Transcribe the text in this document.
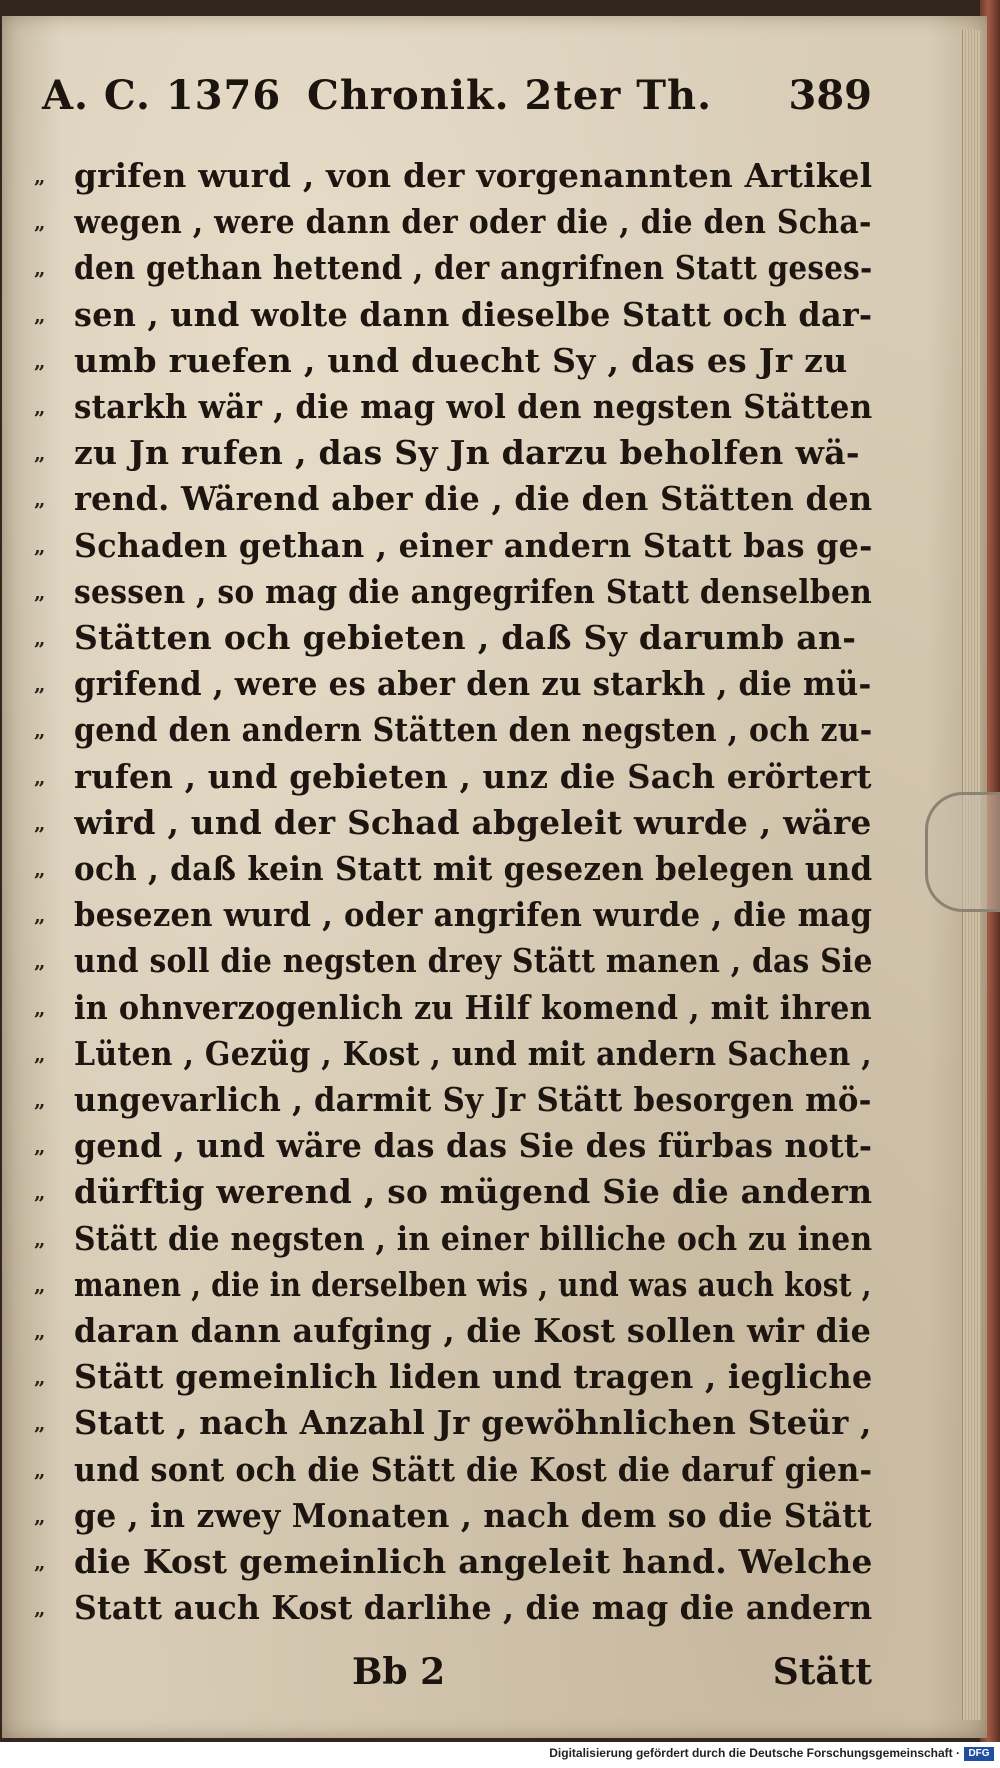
A. C. 1376 Chronik. 2ter Th. 389
„ grifen wurd , von der vorgenannten Artikel
„ wegen , were dann der oder die , die den Scha-
„ den gethan hettend , der angrifnen Statt geses-
„ sen , und wolte dann dieselbe Statt och dar-
„ umb ruefen , und duecht Sy , das es Jr zu
„ starkh wär , die mag wol den negsten Stätten
„ zu Jn rufen , das Sy Jn darzu beholfen wä-
„ rend. Wärend aber die , die den Stätten den
„ Schaden gethan , einer andern Statt bas ge-
„ sessen , so mag die angegrifen Statt denselben
„ Stätten och gebieten , daß Sy darumb an-
„ grifend , were es aber den zu starkh , die mü-
„ gend den andern Stätten den negsten , och zu-
„ rufen , und gebieten , unz die Sach erörtert
„ wird , und der Schad abgeleit wurde , wäre
„ och , daß kein Statt mit gesezen belegen und
„ besezen wurd , oder angrifen wurde , die mag
„ und soll die negsten drey Stätt manen , das Sie
„ in ohnverzogenlich zu Hilf komend , mit ihren
„ Lüten , Gezüg , Kost , und mit andern Sachen ,
„ ungevarlich , darmit Sy Jr Stätt besorgen mö-
„ gend , und wäre das das Sie des fürbas nott-
„ dürftig werend , so mügend Sie die andern
„ Stätt die negsten , in einer billiche och zu inen
„ manen , die in derselben wis , und was auch kost ,
„ daran dann aufging , die Kost sollen wir die
„ Stätt gemeinlich liden und tragen , iegliche
„ Statt , nach Anzahl Jr gewöhnlichen Steür ,
„ und sont och die Stätt die Kost die daruf gien-
„ ge , in zwey Monaten , nach dem so die Stätt
„ die Kost gemeinlich angeleit hand. Welche
„ Statt auch Kost darlihe , die mag die andern
Bb 2	Stätt
Digitalisierung gefördert durch die Deutsche Forschungsgemeinschaft · DFG
